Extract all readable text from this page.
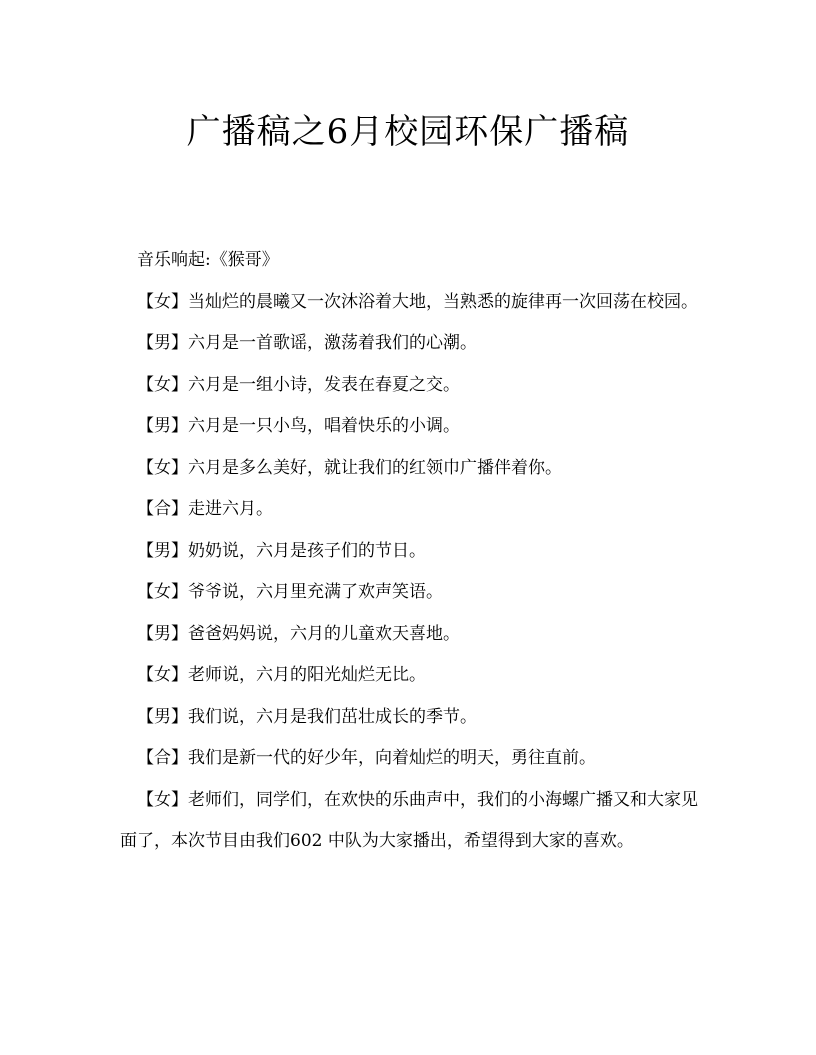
广播稿之6月校园环保广播稿

音乐响起:《猴哥》

【女】当灿烂的晨曦又一次沐浴着大地，当熟悉的旋律再一次回荡在校园。

【男】六月是一首歌谣，激荡着我们的心潮。

【女】六月是一组小诗，发表在春夏之交。

【男】六月是一只小鸟，唱着快乐的小调。

【女】六月是多么美好，就让我们的红领巾广播伴着你。

【合】走进六月。

【男】奶奶说，六月是孩子们的节日。

【女】爷爷说，六月里充满了欢声笑语。

【男】爸爸妈妈说，六月的儿童欢天喜地。

【女】老师说，六月的阳光灿烂无比。

【男】我们说，六月是我们茁壮成长的季节。

【合】我们是新一代的好少年，向着灿烂的明天，勇往直前。

【女】老师们，同学们，在欢快的乐曲声中，我们的小海螺广播又和大家见面了，本次节目由我们602 中队为大家播出，希望得到大家的喜欢。
